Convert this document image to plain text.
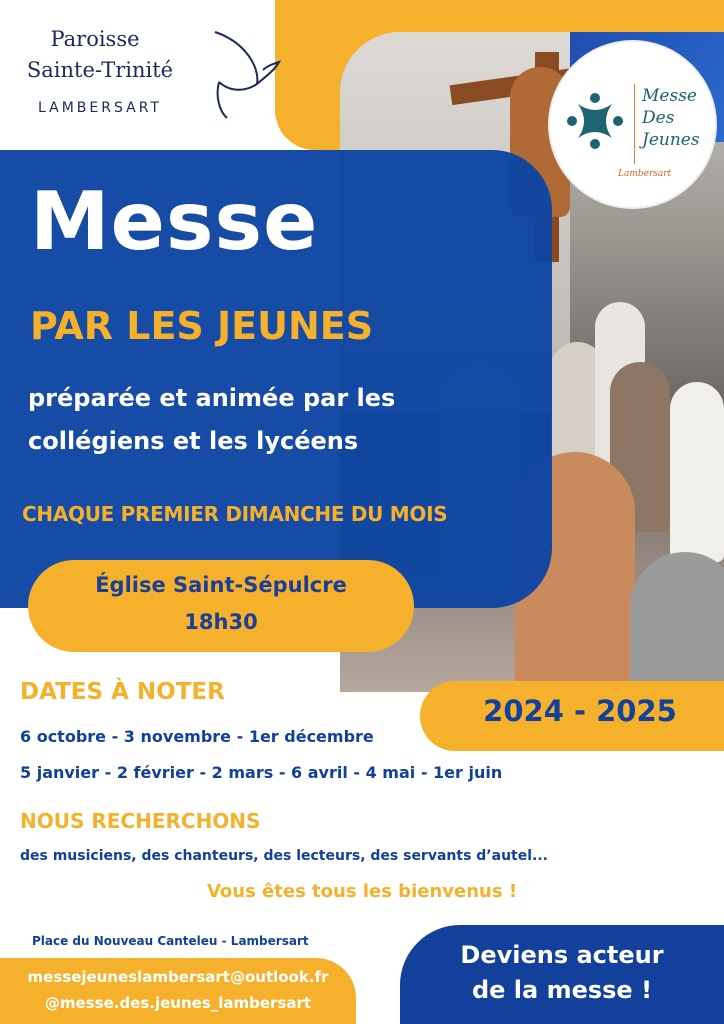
Paroisse
Sainte-Trinité
LAMBERSART
Messe
Des
Jeunes
Lambersart
Messe
PAR LES JEUNES
préparée et animée par les
collégiens et les lycéens
CHAQUE PREMIER DIMANCHE DU MOIS
Église Saint-Sépulcre
18h30
2024 - 2025
DATES À NOTER
6 octobre - 3 novembre - 1er décembre
5 janvier - 2 février - 2 mars - 6 avril - 4 mai - 1er juin
NOUS RECHERCHONS
des musiciens, des chanteurs, des lecteurs, des servants d’autel...
Vous êtes tous les bienvenus !
Place du Nouveau Canteleu - Lambersart
messejeuneslambersart@outlook.fr
@messe.des.jeunes_lambersart
Deviens acteur
de la messe !
